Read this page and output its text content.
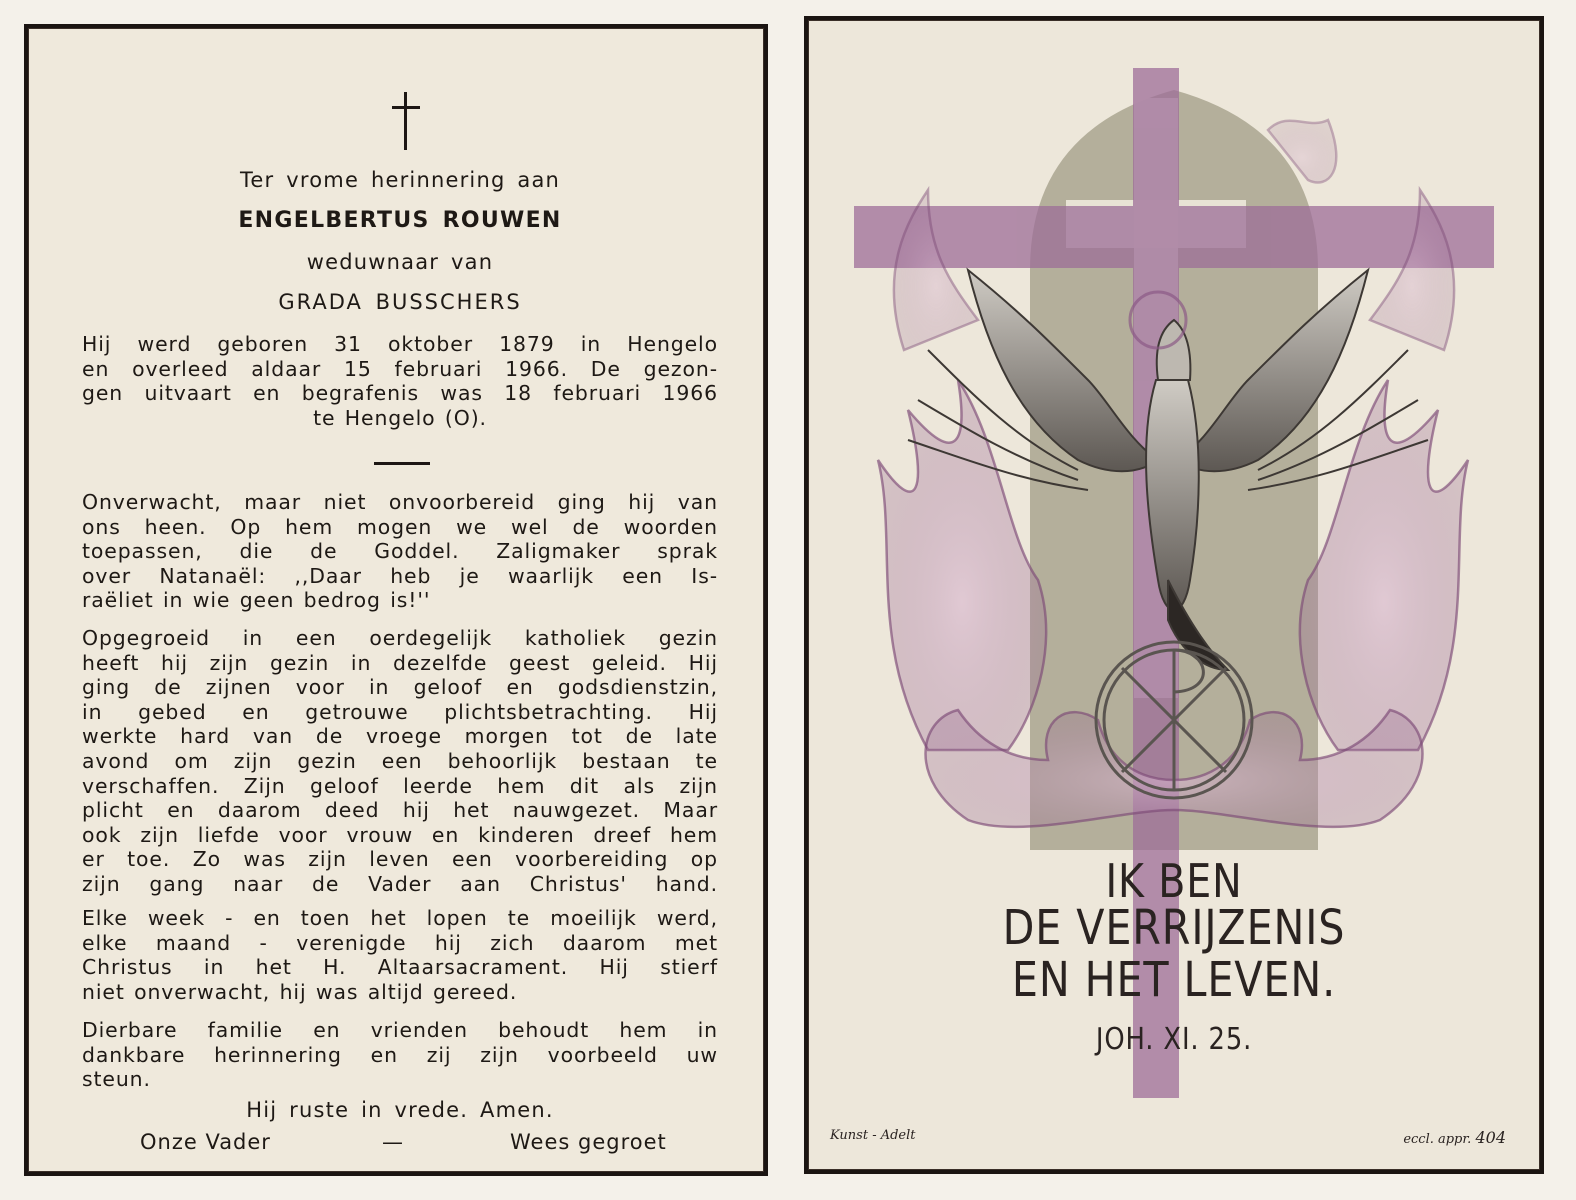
Ter vrome herinnering aan
ENGELBERTUS ROUWEN
weduwnaar van
GRADA BUSSCHERS
Hij werd geboren 31 oktober 1879 in Hengelo
en overleed aldaar 15 februari 1966. De gezon-
gen uitvaart en begrafenis was 18 februari 1966
te Hengelo (O).
Onverwacht, maar niet onvoorbereid ging hij van
ons heen. Op hem mogen we wel de woorden
toepassen, die de Goddel. Zaligmaker sprak
over Natanaël: ,,Daar heb je waarlijk een Is-
raëliet in wie geen bedrog is!''
Opgegroeid in een oerdegelijk katholiek gezin
heeft hij zijn gezin in dezelfde geest geleid. Hij
ging de zijnen voor in geloof en godsdienstzin,
in gebed en getrouwe plichtsbetrachting. Hij
werkte hard van de vroege morgen tot de late
avond om zijn gezin een behoorlijk bestaan te
verschaffen. Zijn geloof leerde hem dit als zijn
plicht en daarom deed hij het nauwgezet. Maar
ook zijn liefde voor vrouw en kinderen dreef hem
er toe. Zo was zijn leven een voorbereiding op
zijn gang naar de Vader aan Christus' hand.
Elke week - en toen het lopen te moeilijk werd,
elke maand - verenigde hij zich daarom met
Christus in het H. Altaarsacrament. Hij stierf
niet onverwacht, hij was altijd gereed.
Dierbare familie en vrienden behoudt hem in
dankbare herinnering en zij zijn voorbeeld uw
steun.
Hij ruste in vrede. Amen.
Onze Vader	—	Wees gegroet
IK BEN
DE VERRIJZENIS
EN HET LEVEN.
JOH. XI. 25.
Kunst - Adelt	eccl. appr. 404
